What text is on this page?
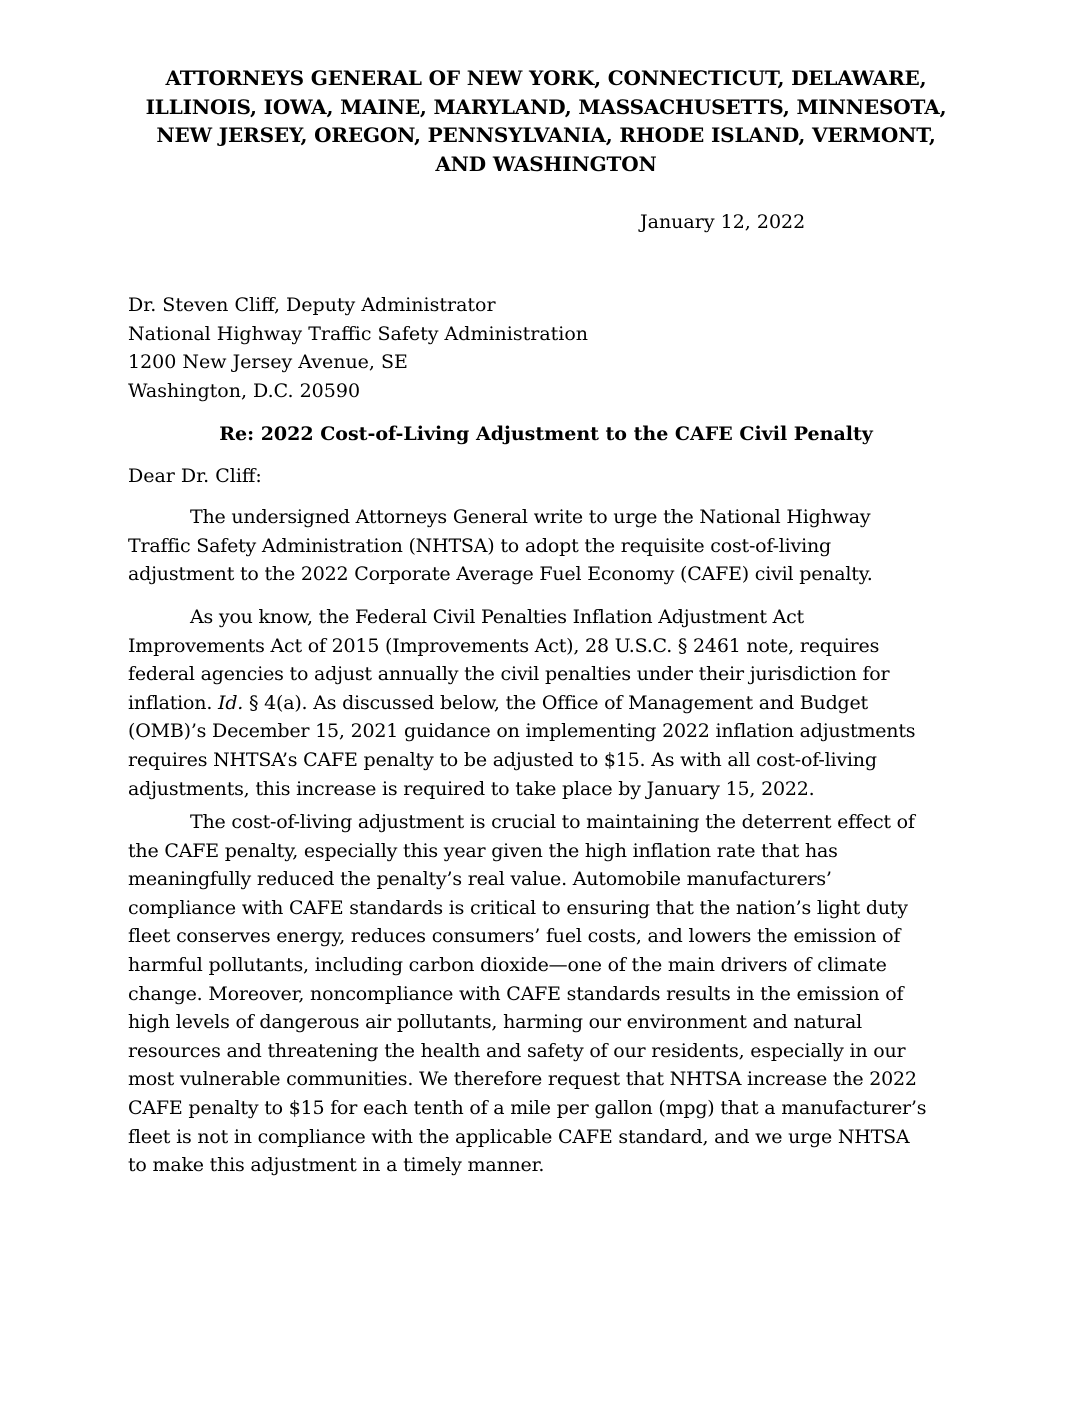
ATTORNEYS GENERAL OF NEW YORK, CONNECTICUT, DELAWARE,
ILLINOIS, IOWA, MAINE, MARYLAND, MASSACHUSETTS, MINNESOTA,
NEW JERSEY, OREGON, PENNSYLVANIA, RHODE ISLAND, VERMONT,
AND WASHINGTON
January 12, 2022
Dr. Steven Cliff, Deputy Administrator
National Highway Traffic Safety Administration
1200 New Jersey Avenue, SE
Washington, D.C. 20590
Re: 2022 Cost-of-Living Adjustment to the CAFE Civil Penalty
Dear Dr. Cliff:
The undersigned Attorneys General write to urge the National Highway
Traffic Safety Administration (NHTSA) to adopt the requisite cost-of-living
adjustment to the 2022 Corporate Average Fuel Economy (CAFE) civil penalty.
As you know, the Federal Civil Penalties Inflation Adjustment Act
Improvements Act of 2015 (Improvements Act), 28 U.S.C. § 2461 note, requires
federal agencies to adjust annually the civil penalties under their jurisdiction for
inflation. Id. § 4(a). As discussed below, the Office of Management and Budget
(OMB)’s December 15, 2021 guidance on implementing 2022 inflation adjustments
requires NHTSA’s CAFE penalty to be adjusted to $15. As with all cost-of-living
adjustments, this increase is required to take place by January 15, 2022.
The cost-of-living adjustment is crucial to maintaining the deterrent effect of
the CAFE penalty, especially this year given the high inflation rate that has
meaningfully reduced the penalty’s real value. Automobile manufacturers’
compliance with CAFE standards is critical to ensuring that the nation’s light duty
fleet conserves energy, reduces consumers’ fuel costs, and lowers the emission of
harmful pollutants, including carbon dioxide—one of the main drivers of climate
change. Moreover, noncompliance with CAFE standards results in the emission of
high levels of dangerous air pollutants, harming our environment and natural
resources and threatening the health and safety of our residents, especially in our
most vulnerable communities. We therefore request that NHTSA increase the 2022
CAFE penalty to $15 for each tenth of a mile per gallon (mpg) that a manufacturer’s
fleet is not in compliance with the applicable CAFE standard, and we urge NHTSA
to make this adjustment in a timely manner.
